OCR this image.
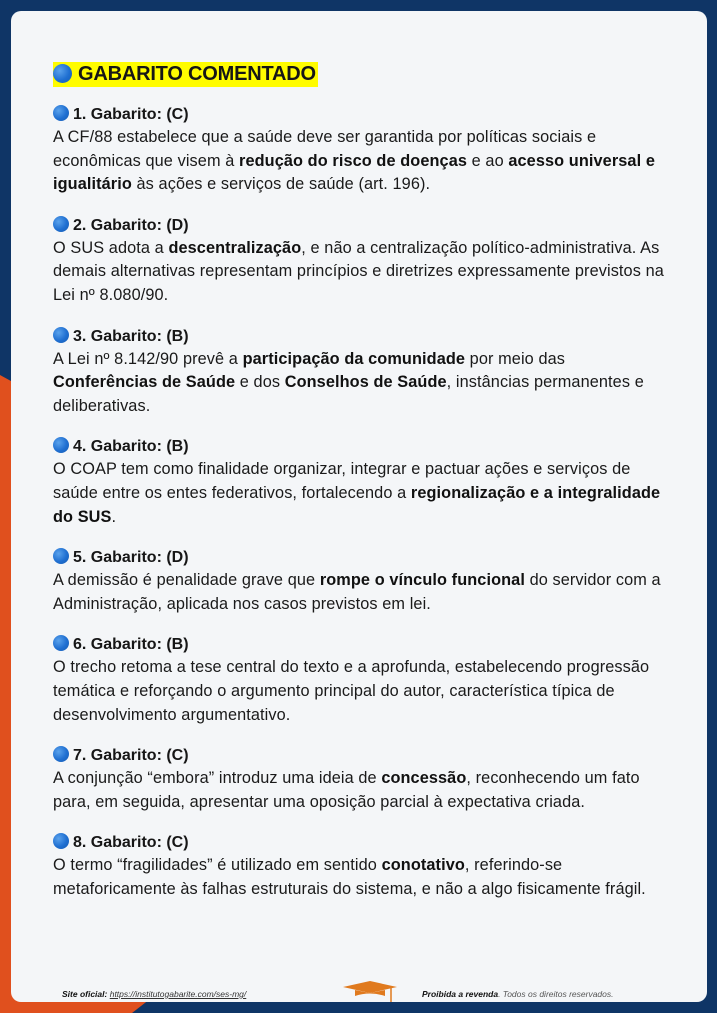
GABARITO COMENTADO
1. Gabarito: (C)
A CF/88 estabelece que a saúde deve ser garantida por políticas sociais e econômicas que visem à redução do risco de doenças e ao acesso universal e igualitário às ações e serviços de saúde (art. 196).
2. Gabarito: (D)
O SUS adota a descentralização, e não a centralização político-administrativa. As demais alternativas representam princípios e diretrizes expressamente previstos na Lei nº 8.080/90.
3. Gabarito: (B)
A Lei nº 8.142/90 prevê a participação da comunidade por meio das Conferências de Saúde e dos Conselhos de Saúde, instâncias permanentes e deliberativas.
4. Gabarito: (B)
O COAP tem como finalidade organizar, integrar e pactuar ações e serviços de saúde entre os entes federativos, fortalecendo a regionalização e a integralidade do SUS.
5. Gabarito: (D)
A demissão é penalidade grave que rompe o vínculo funcional do servidor com a Administração, aplicada nos casos previstos em lei.
6. Gabarito: (B)
O trecho retoma a tese central do texto e a aprofunda, estabelecendo progressão temática e reforçando o argumento principal do autor, característica típica de desenvolvimento argumentativo.
7. Gabarito: (C)
A conjunção “embora” introduz uma ideia de concessão, reconhecendo um fato para, em seguida, apresentar uma oposição parcial à expectativa criada.
8. Gabarito: (C)
O termo “fragilidades” é utilizado em sentido conotativo, referindo-se metaforicamente às falhas estruturais do sistema, e não a algo fisicamente frágil.
Site oficial: https://institutogabarite.com/ses-mg/	Proibida a revenda. Todos os direitos reservados.
